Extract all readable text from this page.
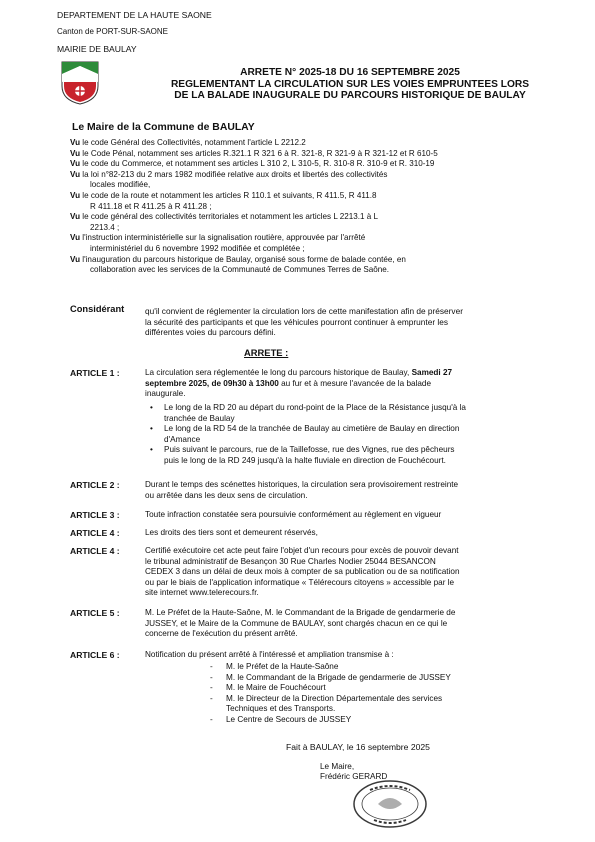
DEPARTEMENT DE LA HAUTE SAONE
Canton de PORT-SUR-SAONE
MAIRIE DE BAULAY
ARRETE N° 2025-18 DU 16 SEPTEMBRE 2025
REGLEMENTANT LA CIRCULATION SUR LES VOIES EMPRUNTEES LORS
DE LA BALADE INAUGURALE DU PARCOURS HISTORIQUE DE BAULAY
Le Maire de la Commune de BAULAY
Vu le code Général des Collectivités, notamment l'article L 2212.2
Vu le Code Pénal, notamment ses articles R.321.1 R 321 6 à R. 321-8, R 321-9 à R 321-12 et R 610-5
Vu le code du Commerce, et notamment ses articles L 310 2, L 310-5, R. 310-8 R. 310-9 et R. 310-19
Vu la loi n°82-213 du 2 mars 1982 modifiée relative aux droits et libertés des collectivités
locales modifiée,
Vu le code de la route et notamment les articles R 110.1 et suivants, R 411.5, R 411.8
R 411.18 et R 411.25 à R 411.28 ;
Vu le code général des collectivités territoriales et notamment les articles L 2213.1 à L
2213.4 ;
Vu l'instruction interministérielle sur la signalisation routière, approuvée par l'arrêté
interministériel du 6 novembre 1992 modifiée et complétée ;
Vu l'inauguration du parcours historique de Baulay, organisé sous forme de balade contée, en
collaboration avec les services de la Communauté de Communes Terres de Saône.
Considérant	qu'il convient de réglementer la circulation lors de cette manifestation afin de préserver
la sécurité des participants et que les véhicules pourront continuer à emprunter les
différentes voies du parcours défini.
ARRETE :
ARTICLE 1 :	La circulation sera réglementée le long du parcours historique de Baulay, Samedi 27
septembre 2025, de 09h30 à 13h00 au fur et à mesure l'avancée de la balade
inaugurale.
• Le long de la RD 20 au départ du rond-point de la Place de la Résistance jusqu'à la
tranchée de Baulay
• Le long de la RD 54 de la tranchée de Baulay au cimetière de Baulay en direction
d'Amance
• Puis suivant le parcours, rue de la Taillefosse, rue des Vignes, rue des pêcheurs
puis le long de la RD 249 jusqu'à la halte fluviale en direction de Fouchécourt.
ARTICLE 2 :	Durant le temps des scénettes historiques, la circulation sera provisoirement restreinte
ou arrêtée dans les deux sens de circulation.
ARTICLE 3 :	Toute infraction constatée sera poursuivie conformément au règlement en vigueur
ARTICLE 4 :	Les droits des tiers sont et demeurent réservés,
ARTICLE 4 :	Certifié exécutoire cet acte peut faire l'objet d'un recours pour excès de pouvoir devant
le tribunal administratif de Besançon 30 Rue Charles Nodier 25044 BESANCON
CEDEX 3 dans un délai de deux mois à compter de sa publication ou de sa notification
ou par le biais de l'application informatique « Télérecours citoyens » accessible par le
site internet www.telerecours.fr.
ARTICLE 5 :	M. Le Préfet de la Haute-Saône, M. le Commandant de la Brigade de gendarmerie de
JUSSEY, et le Maire de la Commune de BAULAY, sont chargés chacun en ce qui le
concerne de l'exécution du présent arrêté.
ARTICLE 6 :	Notification du présent arrêté à l'intéressé et ampliation transmise à :
- M. le Préfet de la Haute-Saône
- M. le Commandant de la Brigade de gendarmerie de JUSSEY
- M. le Maire de Fouchécourt
- M. le Directeur de la Direction Départementale des services
Techniques et des Transports.
- Le Centre de Secours de JUSSEY
Fait à BAULAY, le 16 septembre 2025
Le Maire,
Frédéric GERARD
